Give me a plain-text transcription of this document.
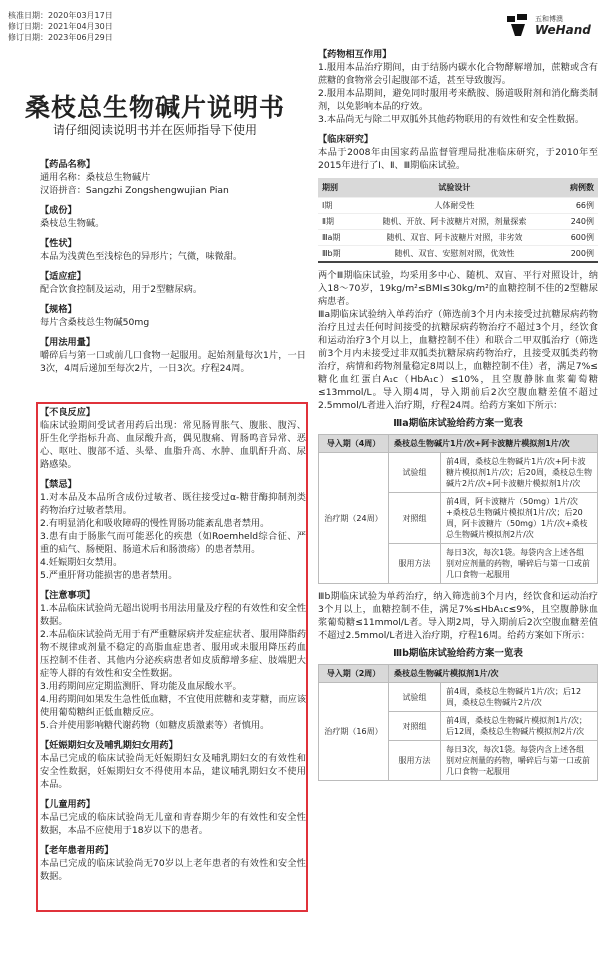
核准日期：2020年03月17日
修订日期：2021年04月30日
修订日期：2023年06月29日
五和博澳
WeHand
桑枝总生物碱片说明书
请仔细阅读说明书并在医师指导下使用
【药品名称】
通用名称：桑枝总生物碱片
汉语拼音：Sangzhi Zongshengwujian Pian
【成份】
桑枝总生物碱。
【性状】
本品为浅黄色至浅棕色的异形片；气微，味微甜。
【适应症】
配合饮食控制及运动，用于2型糖尿病。
【规格】
每片含桑枝总生物碱50mg
【用法用量】
嚼碎后与第一口或前几口食物一起服用。起始剂量每次1片，一日3次，4周后递加至每次2片，一日3次。疗程24周。
【不良反应】
临床试验期间受试者用药后出现：常见肠胃胀气、腹胀、腹泻、肝生化学指标升高、血尿酸升高，偶见腹痛、胃肠鸣音异常、恶心、呕吐、腹部不适、头晕、血脂升高、水肿、血肌酐升高、尿路感染。
【禁忌】
1.对本品及本品所含成份过敏者、既往接受过α-糖苷酶抑制剂类药物治疗过敏者禁用。
2.有明显消化和吸收障碍的慢性胃肠功能紊乱患者禁用。
3.患有由于肠胀气而可能恶化的疾患（如Roemheld综合征、严重的疝气、肠梗阻、肠道术后和肠溃疡）的患者禁用。
4.妊娠期妇女禁用。
5.严重肝肾功能损害的患者禁用。
【注意事项】
1.本品临床试验尚无超出说明书用法用量及疗程的有效性和安全性数据。
2.本品临床试验尚无用于有严重糖尿病并发症症状者、服用降脂药物不规律或剂量不稳定的高脂血症患者、服用或未服用降压药血压控制不佳者、其他内分泌疾病患者如皮质醇增多症、肢端肥大症等人群的有效性和安全性数据。
3.用药期间应定期监测肝、肾功能及血尿酸水平。
4.用药期间如果发生急性低血糖，不宜使用蔗糖和麦芽糖，而应该使用葡萄糖纠正低血糖反应。
5.合并使用影响糖代谢药物（如糖皮质激素等）者慎用。
【妊娠期妇女及哺乳期妇女用药】
本品已完成的临床试验尚无妊娠期妇女及哺乳期妇女的有效性和安全性数据，妊娠期妇女不得使用本品，建议哺乳期妇女不使用本品。
【儿童用药】
本品已完成的临床试验尚无儿童和青春期少年的有效性和安全性数据，本品不应使用于18岁以下的患者。
【老年患者用药】
本品已完成的临床试验尚无70岁以上老年患者的有效性和安全性数据。
【药物相互作用】
1.服用本品治疗期间，由于结肠内碳水化合物酵解增加，蔗糖或含有蔗糖的食物常会引起腹部不适，甚至导致腹泻。
2.服用本品期间，避免同时服用考来酰胺、肠道吸附剂和消化酶类制剂，以免影响本品的疗效。
3.本品尚无与除二甲双胍外其他药物联用的有效性和安全性数据。
【临床研究】
本品于2008年由国家药品监督管理局批准临床研究，于2010年至2015年进行了Ⅰ、Ⅱ、Ⅲ期临床试验。
期别	试验设计	病例数
Ⅰ期	人体耐受性	66例
Ⅱ期	随机、开放、阿卡波糖片对照，剂量探索	240例
Ⅲa期	随机、双盲、阿卡波糖片对照，非劣效	600例
Ⅲb期	随机、双盲、安慰剂对照，优效性	200例
两个Ⅲ期临床试验，均采用多中心、随机、双盲、平行对照设计，纳入18～70岁，19kg/m²≤BMI≤30kg/m²的血糖控制不佳的2型糖尿病患者。
Ⅲa期临床试验纳入单药治疗（筛选前3个月内未接受过抗糖尿病药物治疗且过去任何时间接受的抗糖尿病药物治疗不超过3个月，经饮食和运动治疗3个月以上，血糖控制不佳）和联合二甲双胍治疗（筛选前3个月内未接受过非双胍类抗糖尿病药物治疗，且接受双胍类药物治疗，病情和药物剂量稳定8周以上，血糖控制不佳）者，满足7%≤糖化血红蛋白A₁c（HbA₁c）≤10%，且空腹静脉血浆葡萄糖≤13mmol/L。导入期4周，导入期前后2次空腹血糖差值不超过2.5mmol/L者进入治疗期，疗程24周。给药方案如下所示：
Ⅲa期临床试验给药方案一览表
导入期（4周）	桑枝总生物碱片1片/次+阿卡波糖片模拟剂1片/次	
治疗期（24周）	试验组	前4周，桑枝总生物碱片1片/次+阿卡波糖片模拟剂1片/次；后20周，桑枝总生物碱片2片/次+阿卡波糖片模拟剂1片/次
	对照组	前4周，阿卡波糖片（50mg）1片/次+桑枝总生物碱片模拟剂1片/次；后20周，阿卡波糖片（50mg）1片/次+桑枝总生物碱片模拟剂2片/次
	服用方法	每日3次，每次1袋。每袋内含上述各组别对应剂量的药物，嚼碎后与第一口或前几口食物一起服用
Ⅲb期临床试验为单药治疗，纳入筛选前3个月内，经饮食和运动治疗3个月以上，血糖控制不佳，满足7%≤HbA₁c≤9%，且空腹静脉血浆葡萄糖≤11mmol/L者。导入期2周，导入期前后2次空腹血糖差值不超过2.5mmol/L者进入治疗期，疗程16周。给药方案如下所示：
Ⅲb期临床试验给药方案一览表
导入期（2周）	桑枝总生物碱片模拟剂1片/次	
治疗期（16周）	试验组	前4周，桑枝总生物碱片1片/次；后12周，桑枝总生物碱片2片/次
	对照组	前4周，桑枝总生物碱片模拟剂1片/次；后12周，桑枝总生物碱片模拟剂2片/次
	服用方法	每日3次，每次1袋。每袋内含上述各组别对应剂量的药物，嚼碎后与第一口或前几口食物一起服用
